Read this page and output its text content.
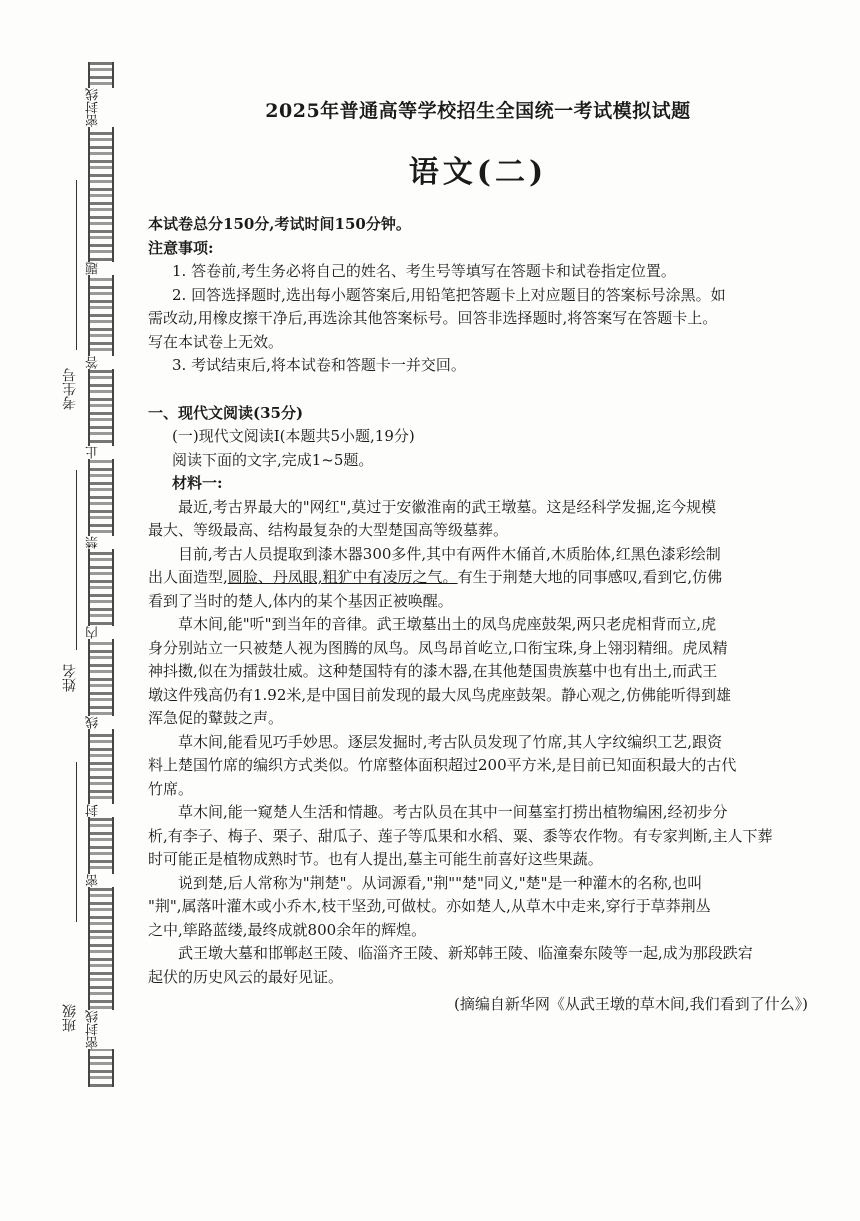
密封线
题
答
止
禁
内
线
封
密
密封线
考生号
姓名
班级
2025年普通高等学校招生全国统一考试模拟试题
语文(二)

本试卷总分150分,考试时间150分钟。

注意事项:

1. 答卷前,考生务必将自己的姓名、考生号等填写在答题卡和试卷指定位置。

2. 回答选择题时,选出每小题答案后,用铅笔把答题卡上对应题目的答案标号涂黑。如

需改动,用橡皮擦干净后,再选涂其他答案标号。回答非选择题时,将答案写在答题卡上。

写在本试卷上无效。

3. 考试结束后,将本试卷和答题卡一并交回。

一、现代文阅读(35分)

(一)现代文阅读Ⅰ(本题共5小题,19分)

阅读下面的文字,完成1~5题。

材料一:

最近,考古界最大的"网红",莫过于安徽淮南的武王墩墓。这是经科学发掘,迄今规模

最大、等级最高、结构最复杂的大型楚国高等级墓葬。

目前,考古人员提取到漆木器300多件,其中有两件木俑首,木质胎体,红黑色漆彩绘制

出人面造型,圆脸、丹凤眼,粗犷中有凌厉之气。有生于荆楚大地的同事感叹,看到它,仿佛

看到了当时的楚人,体内的某个基因正被唤醒。

草木间,能"听"到当年的音律。武王墩墓出土的凤鸟虎座鼓架,两只老虎相背而立,虎

身分别站立一只被楚人视为图腾的凤鸟。凤鸟昂首屹立,口衔宝珠,身上翎羽精细。虎凤精

神抖擞,似在为擂鼓壮威。这种楚国特有的漆木器,在其他楚国贵族墓中也有出土,而武王

墩这件残高仍有1.92米,是中国目前发现的最大凤鸟虎座鼓架。静心观之,仿佛能听得到雄

浑急促的鼙鼓之声。

草木间,能看见巧手妙思。逐层发掘时,考古队员发现了竹席,其人字纹编织工艺,跟资

料上楚国竹席的编织方式类似。竹席整体面积超过200平方米,是目前已知面积最大的古代

竹席。

草木间,能一窥楚人生活和情趣。考古队员在其中一间墓室打捞出植物编困,经初步分

析,有李子、梅子、栗子、甜瓜子、莲子等瓜果和水稻、粟、黍等农作物。有专家判断,主人下葬

时可能正是植物成熟时节。也有人提出,墓主可能生前喜好这些果蔬。

说到楚,后人常称为"荆楚"。从词源看,"荆""楚"同义,"楚"是一种灌木的名称,也叫

"荆",属落叶灌木或小乔木,枝干坚劲,可做杖。亦如楚人,从草木中走来,穿行于草莽荆丛

之中,筚路蓝缕,最终成就800余年的辉煌。

武王墩大墓和邯郸赵王陵、临淄齐王陵、新郑韩王陵、临潼秦东陵等一起,成为那段跌宕

起伏的历史风云的最好见证。

(摘编自新华网《从武王墩的草木间,我们看到了什么》)
